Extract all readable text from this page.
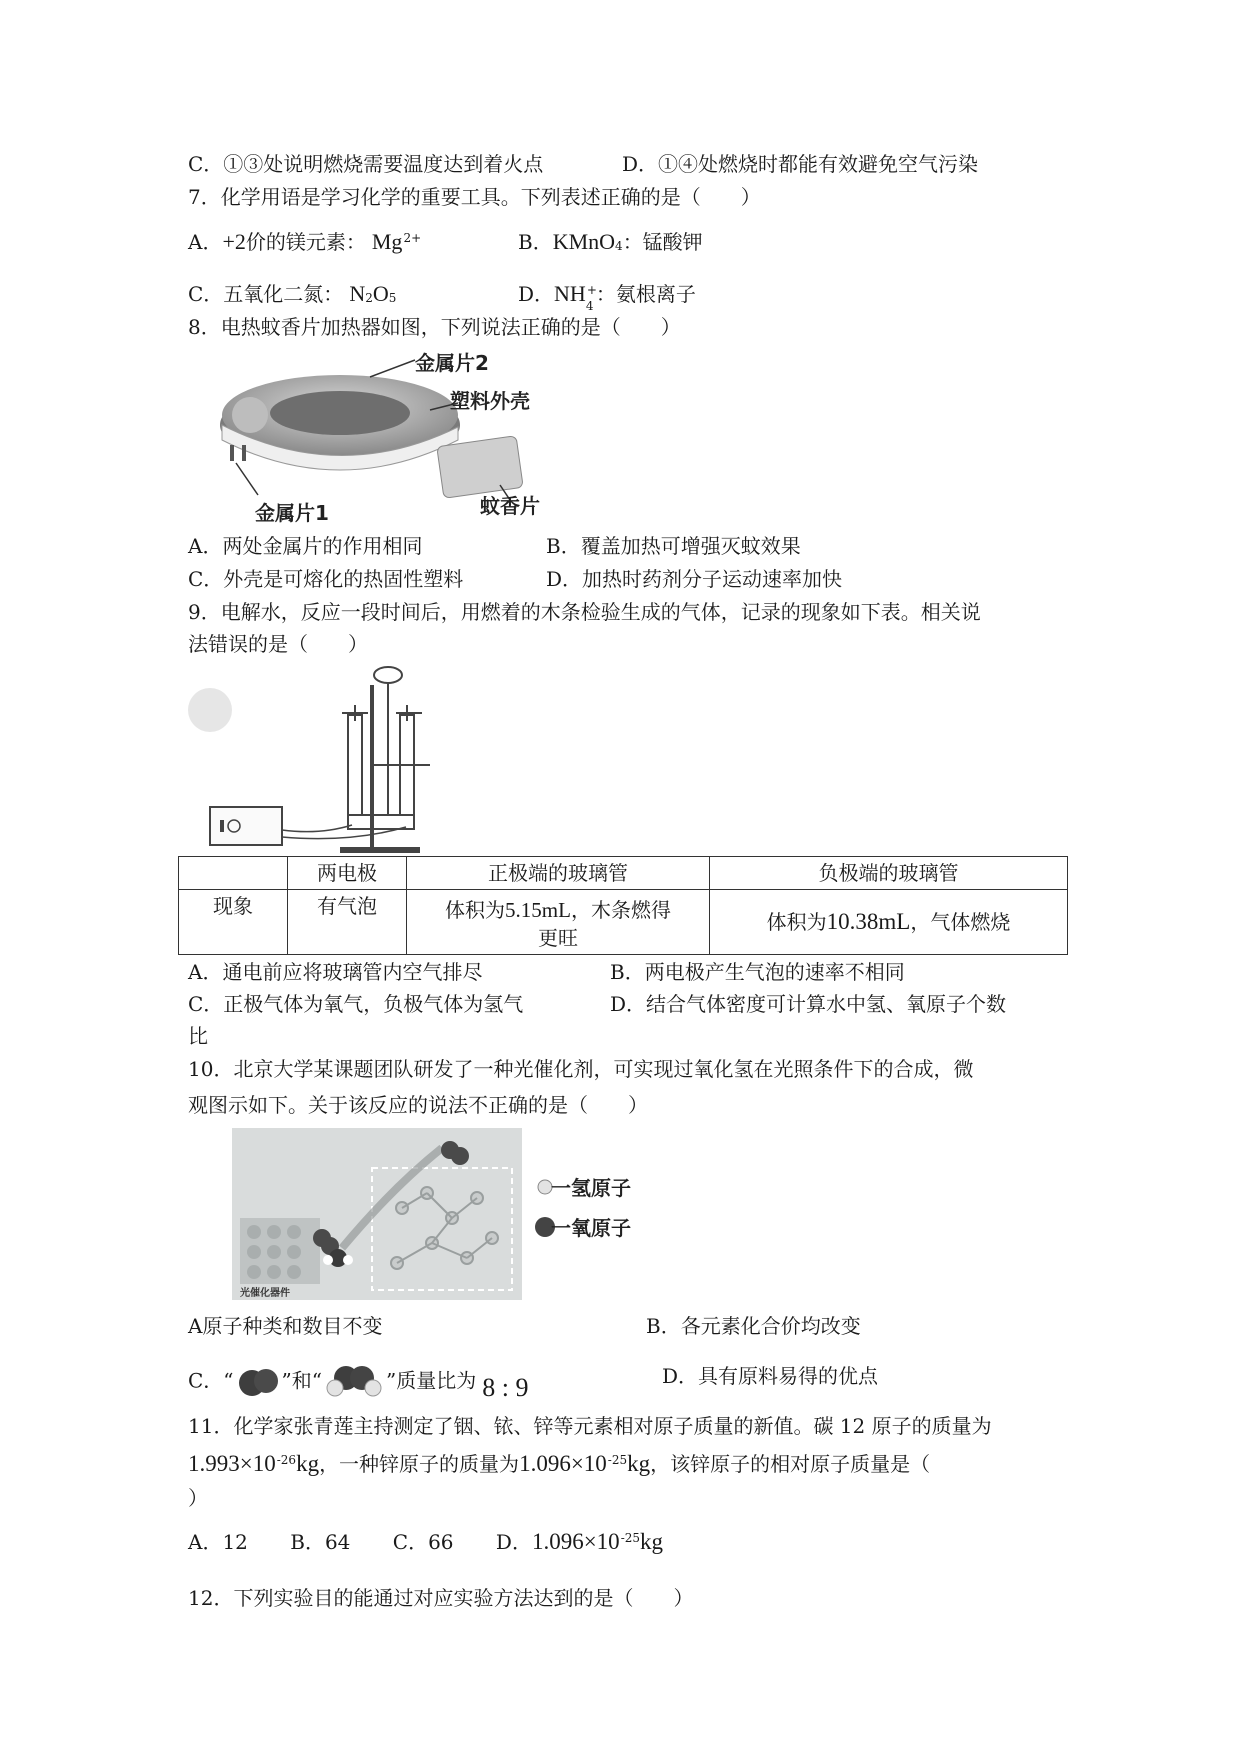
C．①③处说明燃烧需要温度达到着火点	D．①④处燃烧时都能有效避免空气污染
7．化学用语是学习化学的重要工具。下列表述正确的是（　　）
A．+2价的镁元素： $Mg^{2+}$	B．KMnO$_4$：锰酸钾
C．五氧化二氮： $N_2O_5$	D．NH +
4 ：氨根离子
8．电热蚊香片加热器如图，下列说法正确的是（　　）
金属片2
塑料外壳
蚊香片
金属片1
A．两处金属片的作用相同	B．覆盖加热可增强灭蚊效果
C．外壳是可熔化的热固性塑料	D．加热时药剂分子运动速率加快
9．电解水，反应一段时间后，用燃着的木条检验生成的气体，记录的现象如下表。相关说
法错误的是（　　）
	两电极	正极端的玻璃管	负极端的玻璃管
现象	有气泡	体积为5.15mL，木条燃得
更旺	体积为10.38mL，气体燃烧
A．通电前应将玻璃管内空气排尽	B．两电极产生气泡的速率不相同
C．正极气体为氧气，负极气体为氢气	D．结合气体密度可计算水中氢、氧原子个数
比
10．北京大学某课题团队研发了一种光催化剂，可实现过氧化氢在光照条件下的合成，微
观图示如下。关于该反应的说法不正确的是（　　）
光催化器件
一氢原子
一氧原子
A原子种类和数目不变	B．各元素化合价均改变
C．“ ”和“	”质量比为 8 : 9	D．具有原料易得的优点
11．化学家张青莲主持测定了铟、铱、锌等元素相对原子质量的新值。碳 12 原子的质量为
$1.993\times 10^{-26}kg$，一种锌原子的质量为$1.096\times 10^{-25}kg$，该锌原子的相对原子质量是（
）
A．12 B．64 C．66 D．$1.096\times 10^{-25}kg$
12．下列实验目的能通过对应实验方法达到的是（　　）
